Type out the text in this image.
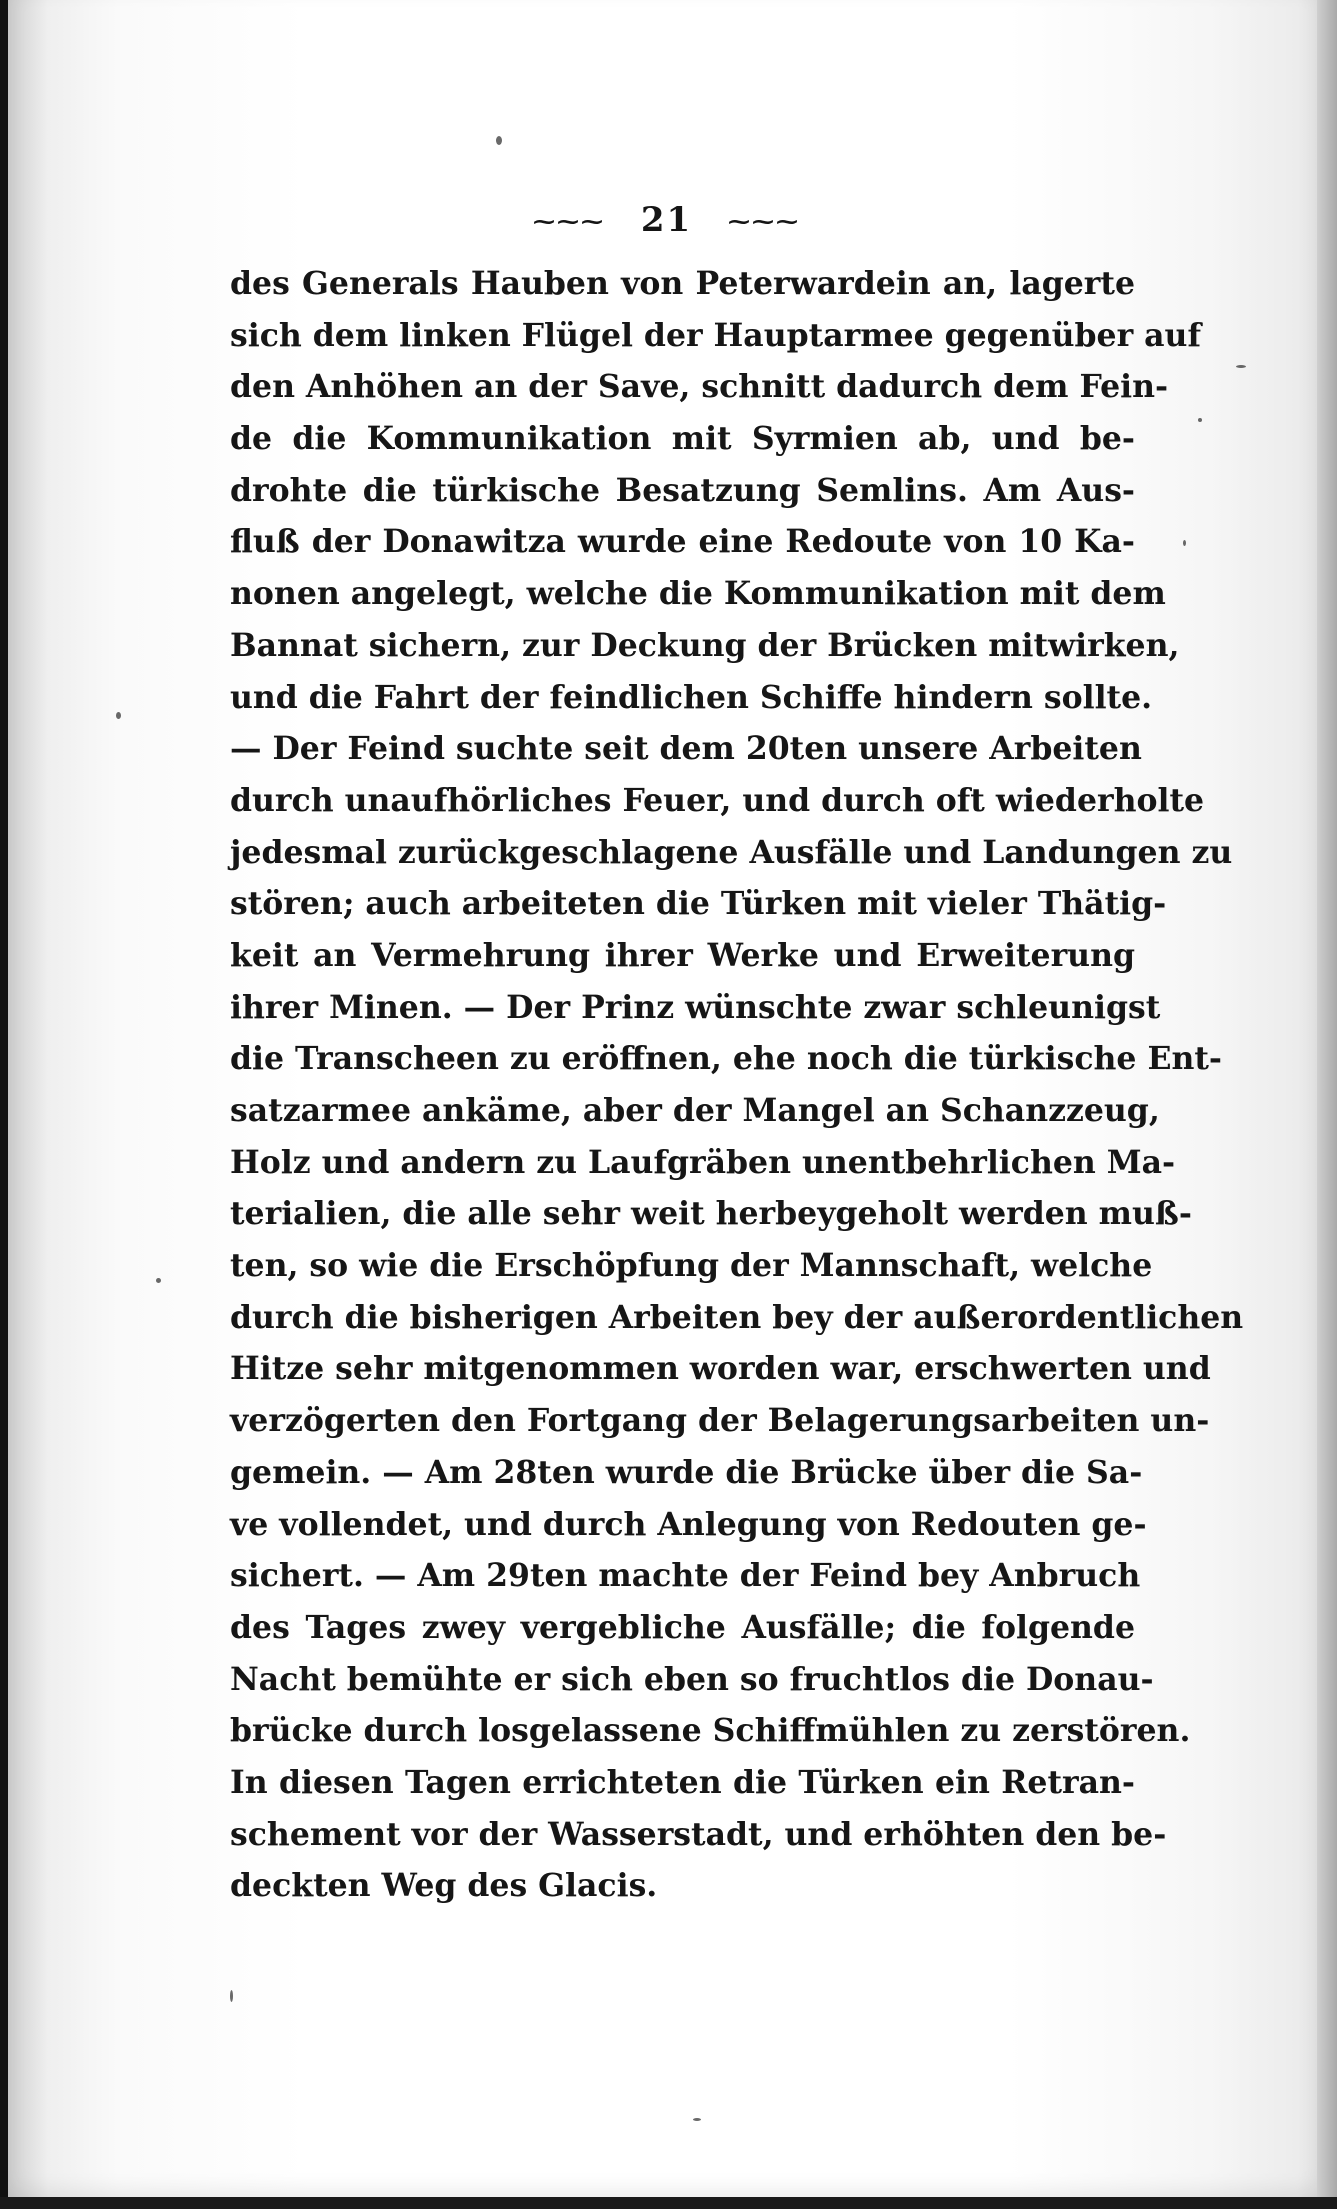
⁓⁓⁓ 21 ⁓⁓⁓
des Generals Hauben von Peterwardein an, lagerte
sich dem linken Flügel der Hauptarmee gegenüber auf
den Anhöhen an der Save, schnitt dadurch dem Fein-
de die Kommunikation mit Syrmien ab, und be-
drohte die türkische Besatzung Semlins. Am Aus-
fluß der Donawitza wurde eine Redoute von 10 Ka-
nonen angelegt, welche die Kommunikation mit dem
Bannat sichern, zur Deckung der Brücken mitwirken,
und die Fahrt der feindlichen Schiffe hindern sollte.
— Der Feind suchte seit dem 20ten unsere Arbeiten
durch unaufhörliches Feuer, und durch oft wiederholte
jedesmal zurückgeschlagene Ausfälle und Landungen zu
stören; auch arbeiteten die Türken mit vieler Thätig-
keit an Vermehrung ihrer Werke und Erweiterung
ihrer Minen. — Der Prinz wünschte zwar schleunigst
die Transcheen zu eröffnen, ehe noch die türkische Ent-
satzarmee ankäme, aber der Mangel an Schanzzeug,
Holz und andern zu Laufgräben unentbehrlichen Ma-
terialien, die alle sehr weit herbeygeholt werden muß-
ten, so wie die Erschöpfung der Mannschaft, welche
durch die bisherigen Arbeiten bey der außerordentlichen
Hitze sehr mitgenommen worden war, erschwerten und
verzögerten den Fortgang der Belagerungsarbeiten un-
gemein. — Am 28ten wurde die Brücke über die Sa-
ve vollendet, und durch Anlegung von Redouten ge-
sichert. — Am 29ten machte der Feind bey Anbruch
des Tages zwey vergebliche Ausfälle; die folgende
Nacht bemühte er sich eben so fruchtlos die Donau-
brücke durch losgelassene Schiffmühlen zu zerstören.
In diesen Tagen errichteten die Türken ein Retran-
schement vor der Wasserstadt, und erhöhten den be-
deckten Weg des Glacis.
